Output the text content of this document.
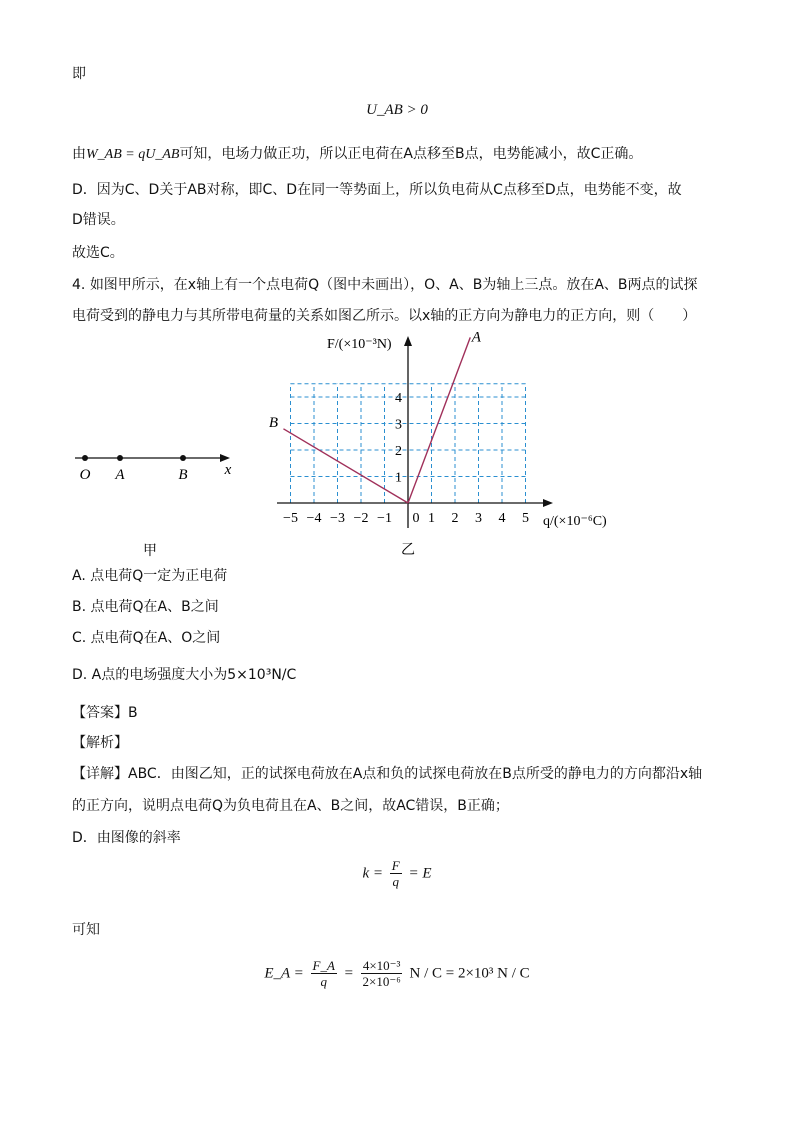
即
U_AB > 0
由W_AB = qU_AB可知，电场力做正功，所以正电荷在A点移至B点，电势能减小，故C正确。
D．因为C、D关于AB对称，即C、D在同一等势面上，所以负电荷从C点移至D点，电势能不变，故
D错误。
故选C。
4. 如图甲所示，在x轴上有一个点电荷Q（图中未画出），O、A、B为轴上三点。放在A、B两点的试探
电荷受到的静电力与其所带电荷量的关系如图乙所示。以x轴的正方向为静电力的正方向，则（　　）
O A	B x
甲
−5 −4 −3 −2 −1 0 1 2 3 4 5
1
2
3
4
A
B
F/(×10⁻³N)
q/(×10⁻⁶C)
乙
A. 点电荷Q一定为正电荷
B. 点电荷Q在A、B之间
C. 点电荷Q在A、O之间
D. A点的电场强度大小为5×10³N/C
【答案】B
【解析】
【详解】ABC．由图乙知，正的试探电荷放在A点和负的试探电荷放在B点所受的静电力的方向都沿x轴
的正方向，说明点电荷Q为负电荷且在A、B之间，故AC错误，B正确；
D．由图像的斜率
$k = \frac{F}{q} = E$
可知
E_A = $\frac{F\_A}{q} = \frac{\text{4×10⁻³}}{\text{2×10⁻⁶}}$ N / C = 2×10³ N / C
